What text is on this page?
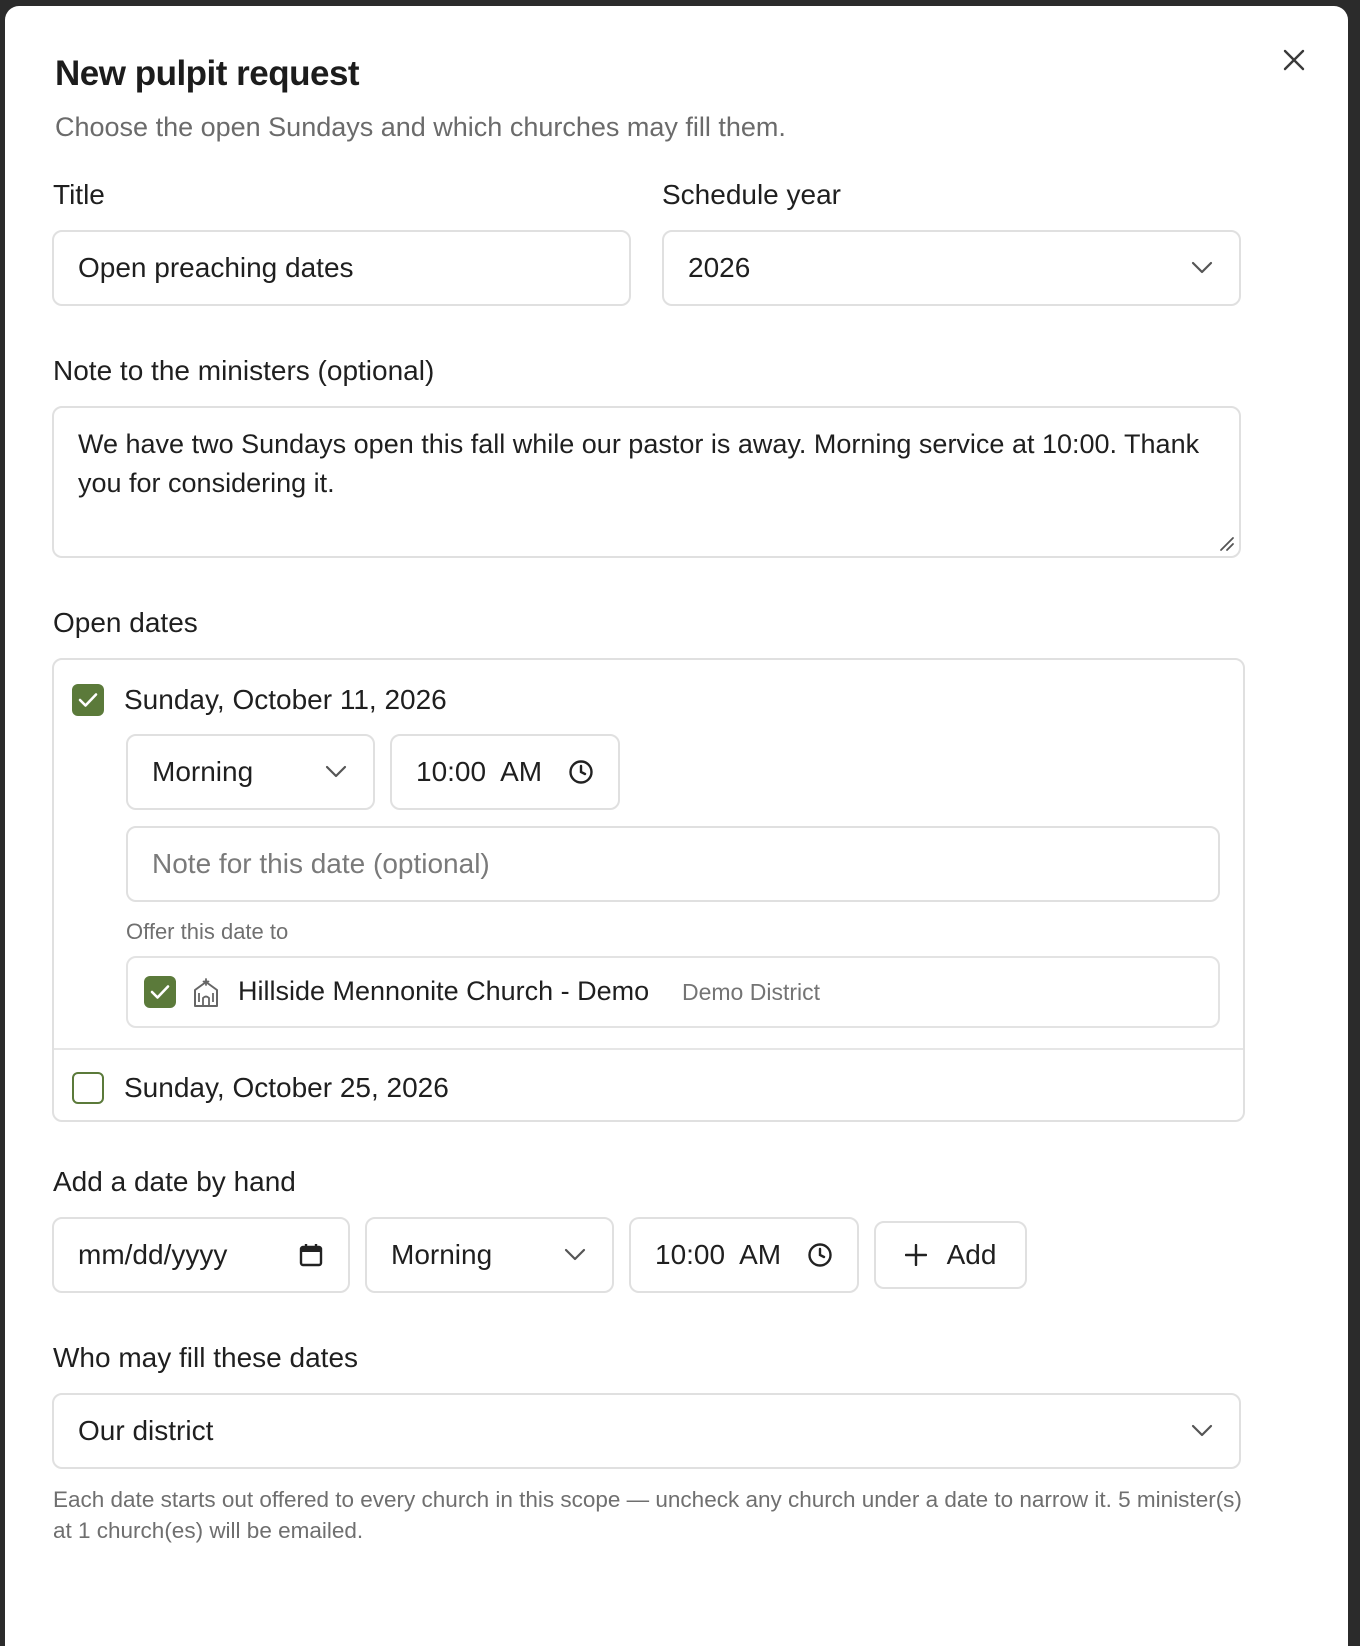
New pulpit request
Choose the open Sundays and which churches may fill them.
Title
Open preaching dates
Schedule year
2026
Note to the ministers (optional)
We have two Sundays open this fall while our pastor is away. Morning service at 10:00. Thank you for considering it.
Open dates
Sunday, October 11, 2026
Morning	10:00  AM
Note for this date (optional)
Offer this date to
Hillside Mennonite Church - Demo Demo District
Sunday, October 25, 2026
Add a date by hand
mm/dd/yyyy	Morning	10:00  AM	Add
Who may fill these dates
Our district
Each date starts out offered to every church in this scope — uncheck any church under a date to narrow it. 5 minister(s) at 1 church(es) will be emailed.
